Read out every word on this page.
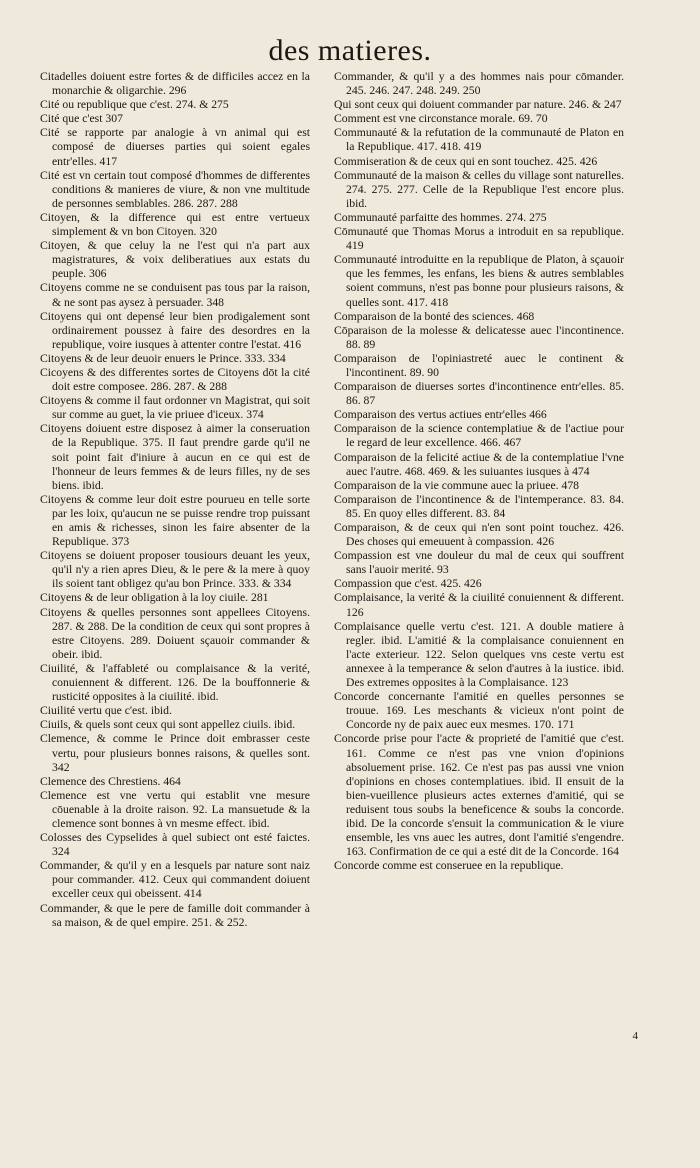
des matieres.

Citadelles doiuent estre fortes & de difficiles accez en la monarchie & oligarchie. 296

Cité ou republique que c'est. 274. & 275

Cité que c'est 307

Cité se rapporte par analogie à vn animal qui est composé de diuerses parties qui soient egales entr'elles. 417

Cité est vn certain tout composé d'hommes de differentes conditions & manieres de viure, & non vne multitude de personnes semblables. 286. 287. 288

Citoyen, & la difference qui est entre vertueux simplement & vn bon Citoyen. 320

Citoyen, & que celuy la ne l'est qui n'a part aux magistratures, & voix deliberatiues aux estats du peuple. 306

Citoyens comme ne se conduisent pas tous par la raison, & ne sont pas aysez à persuader. 348

Citoyens qui ont depensé leur bien prodigalement sont ordinairement poussez à faire des desordres en la republique, voire iusques à attenter contre l'estat. 416

Citoyens & de leur deuoir enuers le Prince. 333. 334

Cicoyens & des differentes sortes de Citoyens dōt la cité doit estre composee. 286. 287. & 288

Citoyens & comme il faut ordonner vn Magistrat, qui soit sur comme au guet, la vie priuee d'iceux. 374

Citoyens doiuent estre disposez à aimer la conseruation de la Republique. 375. Il faut prendre garde qu'il ne soit point fait d'iniure à aucun en ce qui est de l'honneur de leurs femmes & de leurs filles, ny de ses biens. ibid.

Citoyens & comme leur doit estre pourueu en telle sorte par les loix, qu'aucun ne se puisse rendre trop puissant en amis & richesses, sinon les faire absenter de la Republique. 373

Citoyens se doiuent proposer tousiours deuant les yeux, qu'il n'y a rien apres Dieu, & le pere & la mere à quoy ils soient tant obligez qu'au bon Prince. 333. & 334

Citoyens & de leur obligation à la loy ciuile. 281

Citoyens & quelles personnes sont appellees Citoyens. 287. & 288. De la condition de ceux qui sont propres à estre Citoyens. 289. Doiuent sçauoir commander & obeir. ibid.

Ciuilité, & l'affableté ou complaisance & la verité, conuiennent & different. 126. De la bouffonnerie & rusticité opposites à la ciuilité. ibid.

Ciuilité vertu que c'est. ibid.

Ciuils, & quels sont ceux qui sont appellez ciuils. ibid.

Clemence, & comme le Prince doit embrasser ceste vertu, pour plusieurs bonnes raisons, & quelles sont. 342

Clemence des Chrestiens. 464

Clemence est vne vertu qui establit vne mesure cōuenable à la droite raison. 92. La mansuetude & la clemence sont bonnes à vn mesme effect. ibid.

Colosses des Cypselides à quel subiect ont esté faictes. 324

Commander, & qu'il y en a lesquels par nature sont naiz pour commander. 412. Ceux qui commandent doiuent exceller ceux qui obeissent. 414

Commander, & que le pere de famille doit commander à sa maison, & de quel empire. 251. & 252.

Commander, & qu'il y a des hommes nais pour cōmander. 245. 246. 247. 248. 249. 250

Qui sont ceux qui doiuent commander par nature. 246. & 247

Comment est vne circonstance morale. 69. 70

Communauté & la refutation de la communauté de Platon en la Republique. 417. 418. 419

Commiseration & de ceux qui en sont touchez. 425. 426

Communauté de la maison & celles du village sont naturelles. 274. 275. 277. Celle de la Republique l'est encore plus. ibid.

Communauté parfaitte des hommes. 274. 275

Cōmunauté que Thomas Morus a introduit en sa republique. 419

Communauté introduitte en la republique de Platon, à sçauoir que les femmes, les enfans, les biens & autres semblables soient communs, n'est pas bonne pour plusieurs raisons, & quelles sont. 417. 418

Comparaison de la bonté des sciences. 468

Cōparaison de la molesse & delicatesse auec l'incontinence. 88. 89

Comparaison de l'opiniastreté auec le continent & l'incontinent. 89. 90

Comparaison de diuerses sortes d'incontinence entr'elles. 85. 86. 87

Comparaison des vertus actiues entr'elles 466

Comparaison de la science contemplatiue & de l'actiue pour le regard de leur excellence. 466. 467

Comparaison de la felicité actiue & de la contemplatiue l'vne auec l'autre. 468. 469. & les suiuantes iusques à 474

Comparaison de la vie commune auec la priuee. 478

Comparaison de l'incontinence & de l'intemperance. 83. 84. 85. En quoy elles different. 83. 84

Comparaison, & de ceux qui n'en sont point touchez. 426. Des choses qui emeuuent à compassion. 426

Compassion est vne douleur du mal de ceux qui souffrent sans l'auoir merité. 93

Compassion que c'est. 425. 426

Complaisance, la verité & la ciuilité conuiennent & different. 126

Complaisance quelle vertu c'est. 121. A double matiere à regler. ibid. L'amitié & la complaisance conuiennent en l'acte exterieur. 122. Selon quelques vns ceste vertu est annexee à la temperance & selon d'autres à la iustice. ibid. Des extremes opposites à la Complaisance. 123

Concorde concernante l'amitié en quelles personnes se trouue. 169. Les meschants & vicieux n'ont point de Concorde ny de paix auec eux mesmes. 170. 171

Concorde prise pour l'acte & proprieté de l'amitié que c'est. 161. Comme ce n'est pas vne vnion d'opinions absoluement prise. 162. Ce n'est pas pas aussi vne vnion d'opinions en choses contemplatiues. ibid. Il ensuit de la bien-vueillence plusieurs actes externes d'amitié, qui se reduisent tous soubs la beneficence & soubs la concorde. ibid. De la concorde s'ensuit la communication & le viure ensemble, les vns auec les autres, dont l'amitié s'engendre. 163. Confirmation de ce qui a esté dit de la Concorde. 164

Concorde comme est conseruee en la republique.

4
